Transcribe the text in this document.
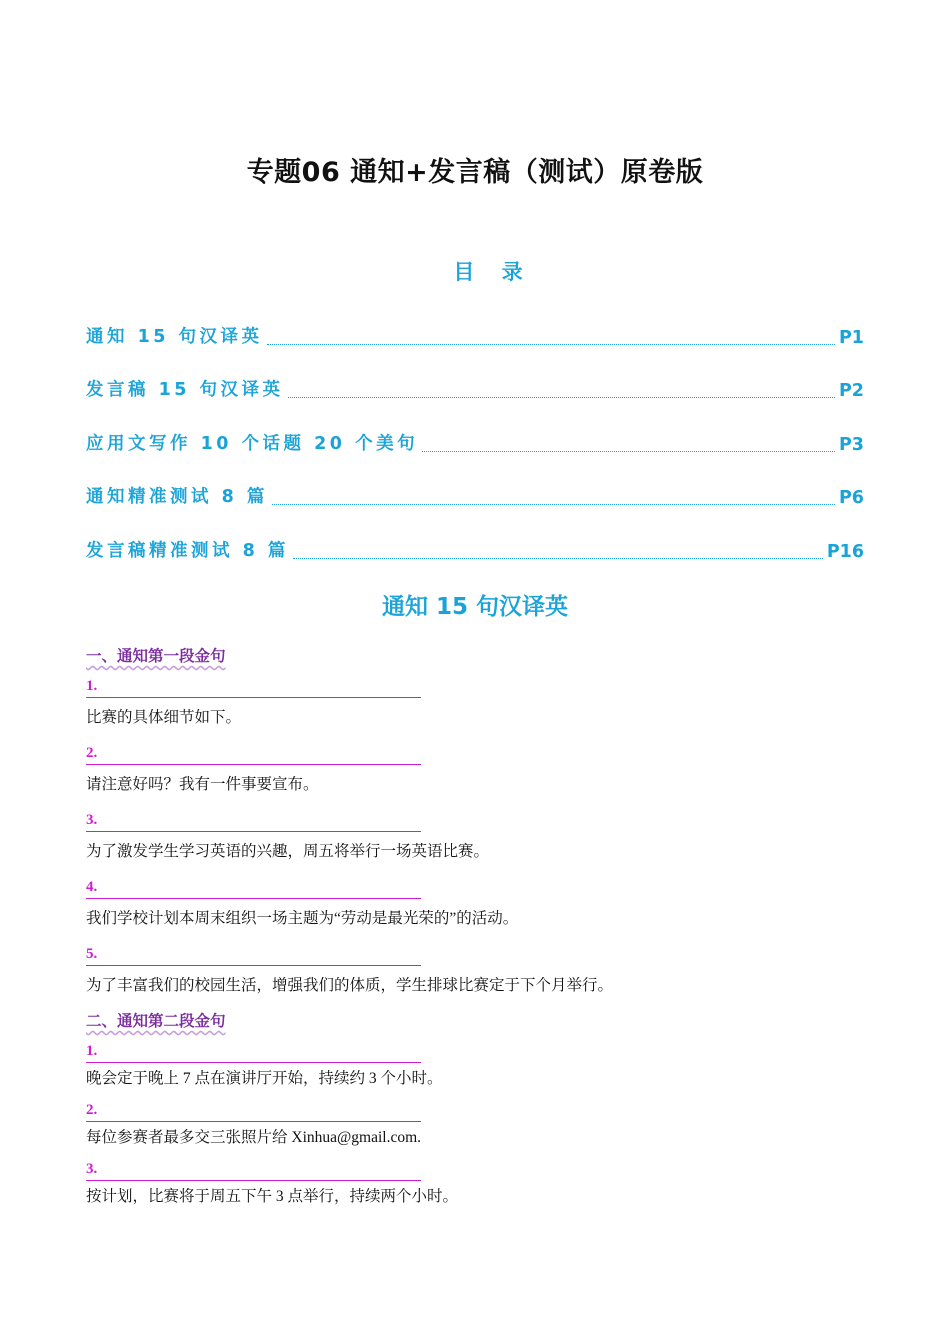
专题06 通知+发言稿（测试）原卷版
目 录
通知 15 句汉译英	P1
发言稿 15 句汉译英	P2
应用文写作 10 个话题 20 个美句	P3
通知精准测试 8 篇	P6
发言稿精准测试 8 篇	P16
通知 15 句汉译英
一、通知第一段金句
1.
比赛的具体细节如下。
2.
请注意好吗？我有一件事要宣布。
3.
为了激发学生学习英语的兴趣，周五将举行一场英语比赛。
4.
我们学校计划本周末组织一场主题为“劳动是最光荣的”的活动。
5.
为了丰富我们的校园生活，增强我们的体质，学生排球比赛定于下个月举行。
二、通知第二段金句
1.
晚会定于晚上 7 点在演讲厅开始，持续约 3 个小时。
2.
每位参赛者最多交三张照片给 Xinhua@gmail.com.
3.
按计划，比赛将于周五下午 3 点举行，持续两个小时。
